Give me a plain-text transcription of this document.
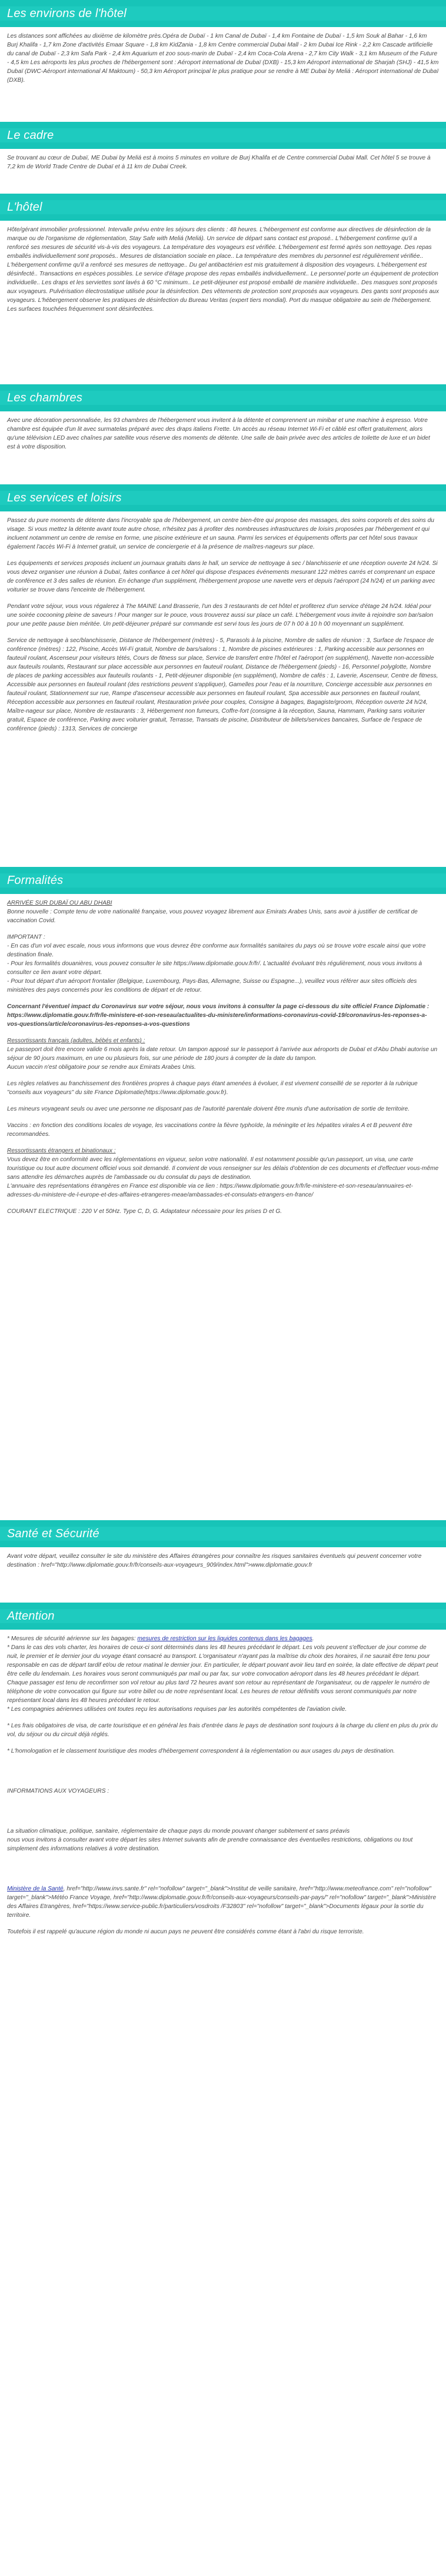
Les environs de l'hôtel

Les distances sont affichées au dixième de kilomètre près.Opéra de Dubaï - 1 km Canal de Dubaï - 1,4 km Fontaine de Dubaï - 1,5 km Souk al Bahar - 1,6 km Burj Khalifa - 1,7 km Zone d'activités Emaar Square - 1,8 km KidZania - 1,8 km Centre commercial Dubai Mall - 2 km Dubai Ice Rink - 2,2 km Cascade artificielle du canal de Dubaï - 2,3 km Safa Park - 2,4 km Aquarium et zoo sous-marin de Dubaï - 2,4 km Coca-Cola Arena - 2,7 km City Walk - 3,1 km Museum of the Future - 4,5 km Les aéroports les plus proches de l'hébergement sont : Aéroport international de Dubaï (DXB) - 15,3 km Aéroport international de Sharjah (SHJ) - 41,5 km Dubaï (DWC-Aéroport international Al Maktoum) - 50,3 km Aéroport principal le plus pratique pour se rendre à ME Dubai by Meliá : Aéroport international de Dubaï (DXB).

Le cadre

Se trouvant au cœur de Dubaï, ME Dubai by Meliá est à moins 5 minutes en voiture de Burj Khalifa et de Centre commercial Dubai Mall. Cet hôtel 5 se trouve à 7,2 km de World Trade Centre de Dubaï et à 11 km de Dubai Creek.

L'hôtel

Hôte/gérant immobilier professionnel. Intervalle prévu entre les séjours des clients : 48 heures. L'hébergement est conforme aux directives de désinfection de la marque ou de l'organisme de réglementation, Stay Safe with Meliá (Meliá). Un service de départ sans contact est proposé.. L'hébergement confirme qu'il a renforcé ses mesures de sécurité vis-à-vis des voyageurs. La température des voyageurs est vérifiée. L'hébergement est fermé après son nettoyage. Des repas emballés individuellement sont proposés.. Mesures de distanciation sociale en place.. La température des membres du personnel est régulièrement vérifiée.. L'hébergement confirme qu'il a renforcé ses mesures de nettoyage.. Du gel antibactérien est mis gratuitement à disposition des voyageurs. L'hébergement est désinfecté.. Transactions en espèces possibles. Le service d'étage propose des repas emballés individuellement.. Le personnel porte un équipement de protection individuelle.. Les draps et les serviettes sont lavés à 60 °C minimum.. Le petit-déjeuner est proposé emballé de manière individuelle.. Des masques sont proposés aux voyageurs. Pulvérisation électrostatique utilisée pour la désinfection. Des vêtements de protection sont proposés aux voyageurs. Des gants sont proposés aux voyageurs. L'hébergement observe les pratiques de désinfection du Bureau Veritas (expert tiers mondial). Port du masque obligatoire au sein de l'hébergement. Les surfaces touchées fréquemment sont désinfectées.

Les chambres

Avec une décoration personnalisée, les 93 chambres de l'hébergement vous invitent à la détente et comprennent un minibar et une machine à espresso. Votre chambre est équipée d'un lit avec surmatelas préparé avec des draps italiens Frette. Un accès au réseau Internet Wi-Fi et câblé est offert gratuitement, alors qu'une télévision LED avec chaînes par satellite vous réserve des moments de détente. Une salle de bain privée avec des articles de toilette de luxe et un bidet est à votre disposition.

Les services et loisirs

Passez du pure moments de détente dans l'incroyable spa de l'hébergement, un centre bien-être qui propose des massages, des soins corporels et des soins du visage. Si vous mettez la détente avant toute autre chose, n'hésitez pas à profiter des nombreuses infrastructures de loisirs proposées par l'hébergement et qui incluent notamment un centre de remise en forme, une piscine extérieure et un sauna. Parmi les services et équipements offerts par cet hôtel sous travaux également l'accès Wi-Fi à Internet gratuit, un service de conciergerie et à la présence de maîtres-nageurs sur place.

Les équipements et services proposés incluent un journaux gratuits dans le hall, un service de nettoyage à sec / blanchisserie et une réception ouverte 24 h/24. Si vous devez organiser une réunion à Dubaï, faites confiance à cet hôtel qui dispose d'espaces événements mesurant 122 mètres carrés et comprenant un espace de conférence et 3 des salles de réunion. En échange d'un supplément, l'hébergement propose une navette vers et depuis l'aéroport (24 h/24) et un parking avec voiturier se trouve dans l'enceinte de l'hébergement.

Pendant votre séjour, vous vous régalerez à The MAINE Land Brasserie, l'un des 3 restaurants de cet hôtel et profiterez d'un service d'étage 24 h/24. Idéal pour une soirée cocooning pleine de saveurs ! Pour manger sur le pouce, vous trouverez aussi sur place un café. L'hébergement vous invite à rejoindre son bar/salon pour une petite pause bien méritée. Un petit-déjeuner préparé sur commande est servi tous les jours de 07 h 00 à 10 h 00 moyennant un supplément.

Service de nettoyage à sec/blanchisserie, Distance de l'hébergement (mètres) - 5, Parasols à la piscine, Nombre de salles de réunion : 3, Surface de l'espace de conférence (mètres) : 122, Piscine, Accès Wi-Fi gratuit, Nombre de bars/salons : 1, Nombre de piscines extérieures : 1, Parking accessible aux personnes en fauteuil roulant, Ascenseur pour visiteurs tétés, Cours de fitness sur place, Service de transfert entre l'hôtel et l'aéroport (en supplément), Navette non-accessible aux fauteuils roulants, Restaurant sur place accessible aux personnes en fauteuil roulant, Distance de l'hébergement (pieds) - 16, Personnel polyglotte, Nombre de places de parking accessibles aux fauteuils roulants - 1, Petit-déjeuner disponible (en supplément), Nombre de cafés : 1, Laverie, Ascenseur, Centre de fitness, Accessible aux personnes en fauteuil roulant (des restrictions peuvent s'appliquer), Gamelles pour l'eau et la nourriture, Concierge accessible aux personnes en fauteuil roulant, Stationnement sur rue, Rampe d'ascenseur accessible aux personnes en fauteuil roulant, Spa accessible aux personnes en fauteuil roulant, Réception accessible aux personnes en fauteuil roulant, Restauration privée pour couples, Consigne à bagages, Bagagiste/groom, Réception ouverte 24 h/24, Maître-nageur sur place, Nombre de restaurants : 3, Hébergement non fumeurs, Coffre-fort (consigne à la réception, Sauna, Hammam, Parking sans voiturier gratuit, Espace de conférence, Parking avec voiturier gratuit, Terrasse, Transats de piscine, Distributeur de billets/services bancaires, Surface de l'espace de conférence (pieds) : 1313, Services de concierge

Formalités

ARRIVÉE SUR DUBAÏ OU ABU DHABI

Bonne nouvelle : Compte tenu de votre nationalité française, vous pouvez voyagez librement aux Emirats Arabes Unis, sans avoir à justifier de certificat de vaccination Covid.

IMPORTANT :

- En cas d'un vol avec escale, nous vous informons que vous devrez être conforme aux formalités sanitaires du pays où se trouve votre escale ainsi que votre destination finale.

- Pour les formalités douanières, vous pouvez consulter le site https://www.diplomatie.gouv.fr/fr/. L'actualité évoluant très régulièrement, nous vous invitons à consulter ce lien avant votre départ.

- Pour tout départ d'un aéroport frontalier (Belgique, Luxembourg, Pays-Bas, Allemagne, Suisse ou Espagne...), veuillez vous référer aux sites officiels des ministères des pays concernés pour les conditions de départ et de retour.

Concernant l'éventuel impact du Coronavirus sur votre séjour, nous vous invitons à consulter la page ci-dessous du site officiel France Diplomatie : https://www.diplomatie.gouv.fr/fr/le-ministere-et-son-reseau/actualites-du-ministere/informations-coronavirus-covid-19/coronavirus-les-reponses-a-vos-questions/article/coronavirus-les-reponses-a-vos-questions

Ressortissants français (adultes, bébés et enfants) :

Le passeport doit être encore valide 6 mois après la date retour. Un tampon apposé sur le passeport à l'arrivée aux aéroports de Dubaï et d'Abu Dhabi autorise un séjour de 90 jours maximum, en une ou plusieurs fois, sur une période de 180 jours à compter de la date du tampon.
Aucun vaccin n'est obligatoire pour se rendre aux Emirats Arabes Unis.

Les règles relatives au franchissement des frontières propres à chaque pays étant amenées à évoluer, il est vivement conseillé de se reporter à la rubrique "conseils aux voyageurs" du site France Diplomatie(https://www.diplomatie.gouv.fr).

Les mineurs voyageant seuls ou avec une personne ne disposant pas de l'autorité parentale doivent être munis d'une autorisation de sortie de territoire.

Vaccins : en fonction des conditions locales de voyage, les vaccinations contre la fièvre typhoïde, la méningite et les hépatites virales A et B peuvent être recommandées.

Ressortissants étrangers et binationaux :

Vous devez être en conformité avec les réglementations en vigueur, selon votre nationalité. Il est notamment possible qu'un passeport, un visa, une carte touristique ou tout autre document officiel vous soit demandé. Il convient de vous renseigner sur les délais d'obtention de ces documents et d'effectuer vous-même sans attendre les démarches auprès de l'ambassade ou du consulat du pays de destination.
L'annuaire des représentations étrangères en France est disponible via ce lien : https://www.diplomatie.gouv.fr/fr/le-ministere-et-son-reseau/annuaires-et-adresses-du-ministere-de-l-europe-et-des-affaires-etrangeres-meae/ambassades-et-consulats-etrangers-en-france/

COURANT ELECTRIQUE : 220 V et 50Hz. Type C, D, G. Adaptateur nécessaire pour les prises D et G.

Santé et Sécurité

Avant votre départ, veuillez consulter le site du ministère des Affaires étrangères pour connaître les risques sanitaires éventuels qui peuvent concerner votre destination : href="http://www.diplomatie.gouv.fr/fr/conseils-aux-voyageurs_909/index.html">www.diplomatie.gouv.fr

Attention

* Mesures de sécurité aérienne sur les bagages: mesures de restriction sur les liquides contenus dans les bagages.
* Dans le cas des vols charter, les horaires de ceux-ci sont déterminés dans les 48 heures précédant le départ. Les vols peuvent s'effectuer de jour comme de nuit, le premier et le dernier jour du voyage étant consacré au transport. L'organisateur n'ayant pas la maîtrise du choix des horaires, il ne saurait être tenu pour responsable en cas de départ tardif et/ou de retour matinal le dernier jour. En particulier, le départ pouvant avoir lieu tard en soirée, la date effective de départ peut être celle du lendemain. Les horaires vous seront communiqués par mail ou par fax, sur votre convocation aéroport dans les 48 heures précédant le départ. Chaque passager est tenu de reconfirmer son vol retour au plus tard 72 heures avant son retour au représentant de l'organisateur, ou de rappeler le numéro de téléphone de votre convocation qui figure sur votre billet ou de notre représentant local. Les heures de retour définitifs vous seront communiqués par notre représentant local dans les 48 heures précédant le retour.
* Les compagnies aériennes utilisées ont toutes reçu les autorisations requises par les autorités compétentes de l'aviation civile.

* Les frais obligatoires de visa, de carte touristique et en général les frais d'entrée dans le pays de destination sont toujours à la charge du client en plus du prix du vol, du séjour ou du circuit déjà réglés.

* L'homologation et le classement touristique des modes d'hébergement correspondent à la réglementation ou aux usages du pays de destination.

INFORMATIONS AUX VOYAGEURS :

La situation climatique, politique, sanitaire, réglementaire de chaque pays du monde pouvant changer subitement et sans préavis
nous vous invitons à consulter avant votre départ les sites Internet suivants afin de prendre connaissance des éventuelles restrictions, obligations ou tout simplement des informations relatives à votre destination.

Ministère de la Santé, href="http://www.invs.sante.fr" rel="nofollow" target="_blank">Institut de veille sanitaire, href="http://www.meteofrance.com" rel="nofollow" target="_blank">Météo France Voyage, href="http://www.diplomatie.gouv.fr/fr/conseils-aux-voyageurs/conseils-par-pays/" rel="nofollow" target="_blank">Ministère des Affaires Etrangères, href="https://www.service-public.fr/particuliers/vosdroits /F32803" rel="nofollow" target="_blank">Documents légaux pour la sortie du territoire.

Toutefois il est rappelé qu'aucune région du monde ni aucun pays ne peuvent être considérés comme étant à l'abri du risque terroriste.
